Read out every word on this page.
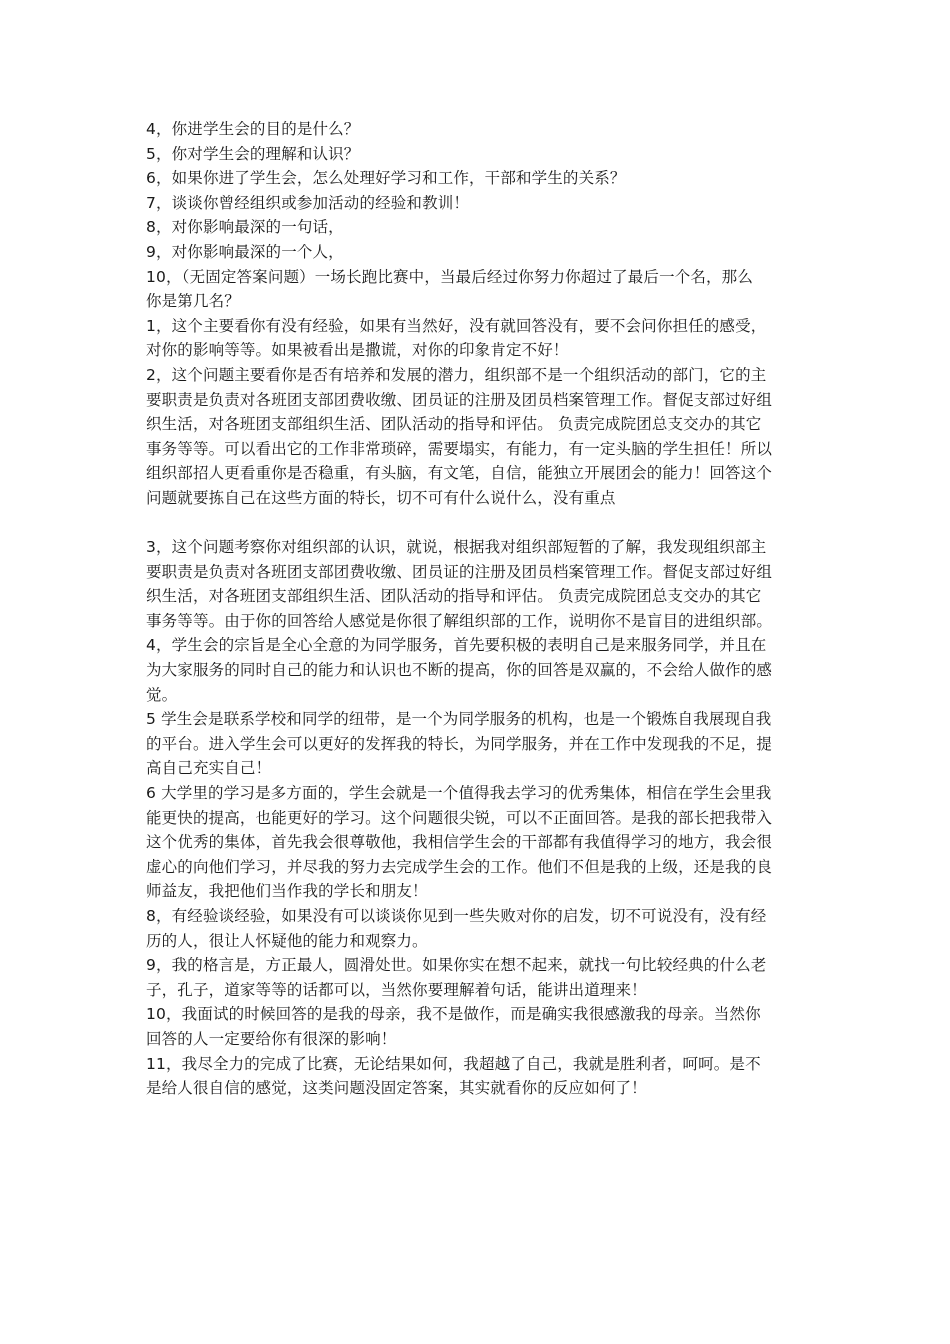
4，你进学生会的目的是什么？
5，你对学生会的理解和认识？
6，如果你进了学生会，怎么处理好学习和工作，干部和学生的关系？
7，谈谈你曾经组织或参加活动的经验和教训！
8，对你影响最深的一句话，
9，对你影响最深的一个人，
10，（无固定答案问题）一场长跑比赛中，当最后经过你努力你超过了最后一个名，那么
你是第几名？
1，这个主要看你有没有经验，如果有当然好，没有就回答没有，要不会问你担任的感受，
对你的影响等等。如果被看出是撒谎，对你的印象肯定不好！
2，这个问题主要看你是否有培养和发展的潜力，组织部不是一个组织活动的部门，它的主
要职责是负责对各班团支部团费收缴、团员证的注册及团员档案管理工作。督促支部过好组
织生活，对各班团支部组织生活、团队活动的指导和评估。 负责完成院团总支交办的其它
事务等等。可以看出它的工作非常琐碎，需要塌实，有能力，有一定头脑的学生担任！所以
组织部招人更看重你是否稳重，有头脑，有文笔，自信，能独立开展团会的能力！回答这个
问题就要拣自己在这些方面的特长，切不可有什么说什么，没有重点
3，这个问题考察你对组织部的认识，就说，根据我对组织部短暂的了解，我发现组织部主
要职责是负责对各班团支部团费收缴、团员证的注册及团员档案管理工作。督促支部过好组
织生活，对各班团支部组织生活、团队活动的指导和评估。 负责完成院团总支交办的其它
事务等等。由于你的回答给人感觉是你很了解组织部的工作，说明你不是盲目的进组织部。
4，学生会的宗旨是全心全意的为同学服务，首先要积极的表明自己是来服务同学，并且在
为大家服务的同时自己的能力和认识也不断的提高，你的回答是双赢的，不会给人做作的感
觉。
5 学生会是联系学校和同学的纽带，是一个为同学服务的机构，也是一个锻炼自我展现自我
的平台。进入学生会可以更好的发挥我的特长，为同学服务，并在工作中发现我的不足，提
高自己充实自己！
6 大学里的学习是多方面的，学生会就是一个值得我去学习的优秀集体，相信在学生会里我
能更快的提高，也能更好的学习。这个问题很尖锐，可以不正面回答。是我的部长把我带入
这个优秀的集体，首先我会很尊敬他，我相信学生会的干部都有我值得学习的地方，我会很
虚心的向他们学习，并尽我的努力去完成学生会的工作。他们不但是我的上级，还是我的良
师益友，我把他们当作我的学长和朋友！
8，有经验谈经验，如果没有可以谈谈你见到一些失败对你的启发，切不可说没有，没有经
历的人，很让人怀疑他的能力和观察力。
9，我的格言是，方正最人，圆滑处世。如果你实在想不起来，就找一句比较经典的什么老
子，孔子，道家等等的话都可以，当然你要理解着句话，能讲出道理来！
10，我面试的时候回答的是我的母亲，我不是做作，而是确实我很感激我的母亲。当然你
回答的人一定要给你有很深的影响！
11，我尽全力的完成了比赛，无论结果如何，我超越了自己，我就是胜利者，呵呵。是不
是给人很自信的感觉，这类问题没固定答案，其实就看你的反应如何了！
